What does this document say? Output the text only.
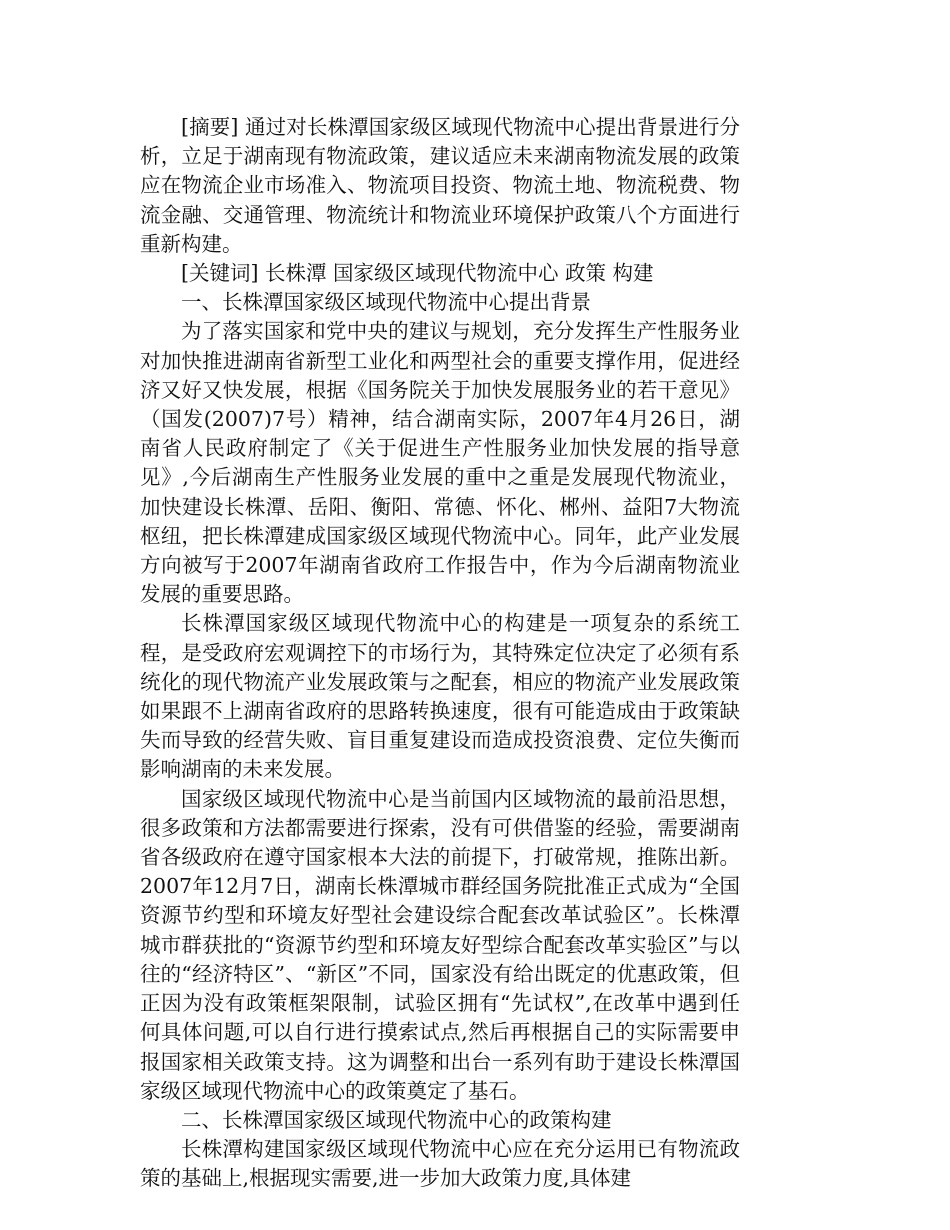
[摘要] 通过对长株潭国家级区域现代物流中心提出背景进行分析，立足于湖南现有物流政策，建议适应未来湖南物流发展的政策应在物流企业市场准入、物流项目投资、物流土地、物流税费、物流金融、交通管理、物流统计和物流业环境保护政策八个方面进行重新构建。

[关键词] 长株潭 国家级区域现代物流中心 政策 构建

一、长株潭国家级区域现代物流中心提出背景

为了落实国家和党中央的建议与规划，充分发挥生产性服务业对加快推进湖南省新型工业化和两型社会的重要支撑作用，促进经济又好又快发展，根据《国务院关于加快发展服务业的若干意见》（国发(2007)7号）精神，结合湖南实际，2007年4月26日，湖南省人民政府制定了《关于促进生产性服务业加快发展的指导意见》,今后湖南生产性服务业发展的重中之重是发展现代物流业，加快建设长株潭、岳阳、衡阳、常德、怀化、郴州、益阳7大物流枢纽，把长株潭建成国家级区域现代物流中心。同年，此产业发展方向被写于2007年湖南省政府工作报告中，作为今后湖南物流业发展的重要思路。

长株潭国家级区域现代物流中心的构建是一项复杂的系统工程，是受政府宏观调控下的市场行为，其特殊定位决定了必须有系统化的现代物流产业发展政策与之配套，相应的物流产业发展政策如果跟不上湖南省政府的思路转换速度，很有可能造成由于政策缺失而导致的经营失败、盲目重复建设而造成投资浪费、定位失衡而影响湖南的未来发展。

国家级区域现代物流中心是当前国内区域物流的最前沿思想，很多政策和方法都需要进行探索，没有可供借鉴的经验，需要湖南省各级政府在遵守国家根本大法的前提下，打破常规，推陈出新。2007年12月7日，湖南长株潭城市群经国务院批准正式成为“全国资源节约型和环境友好型社会建设综合配套改革试验区”。长株潭城市群获批的“资源节约型和环境友好型综合配套改革实验区”与以往的“经济特区”、“新区”不同，国家没有给出既定的优惠政策，但正因为没有政策框架限制，试验区拥有“先试权”,在改革中遇到任何具体问题,可以自行进行摸索试点,然后再根据自己的实际需要申报国家相关政策支持。这为调整和出台一系列有助于建设长株潭国家级区域现代物流中心的政策奠定了基石。

二、长株潭国家级区域现代物流中心的政策构建

长株潭构建国家级区域现代物流中心应在充分运用已有物流政策的基础上,根据现实需要,进一步加大政策力度,具体建
